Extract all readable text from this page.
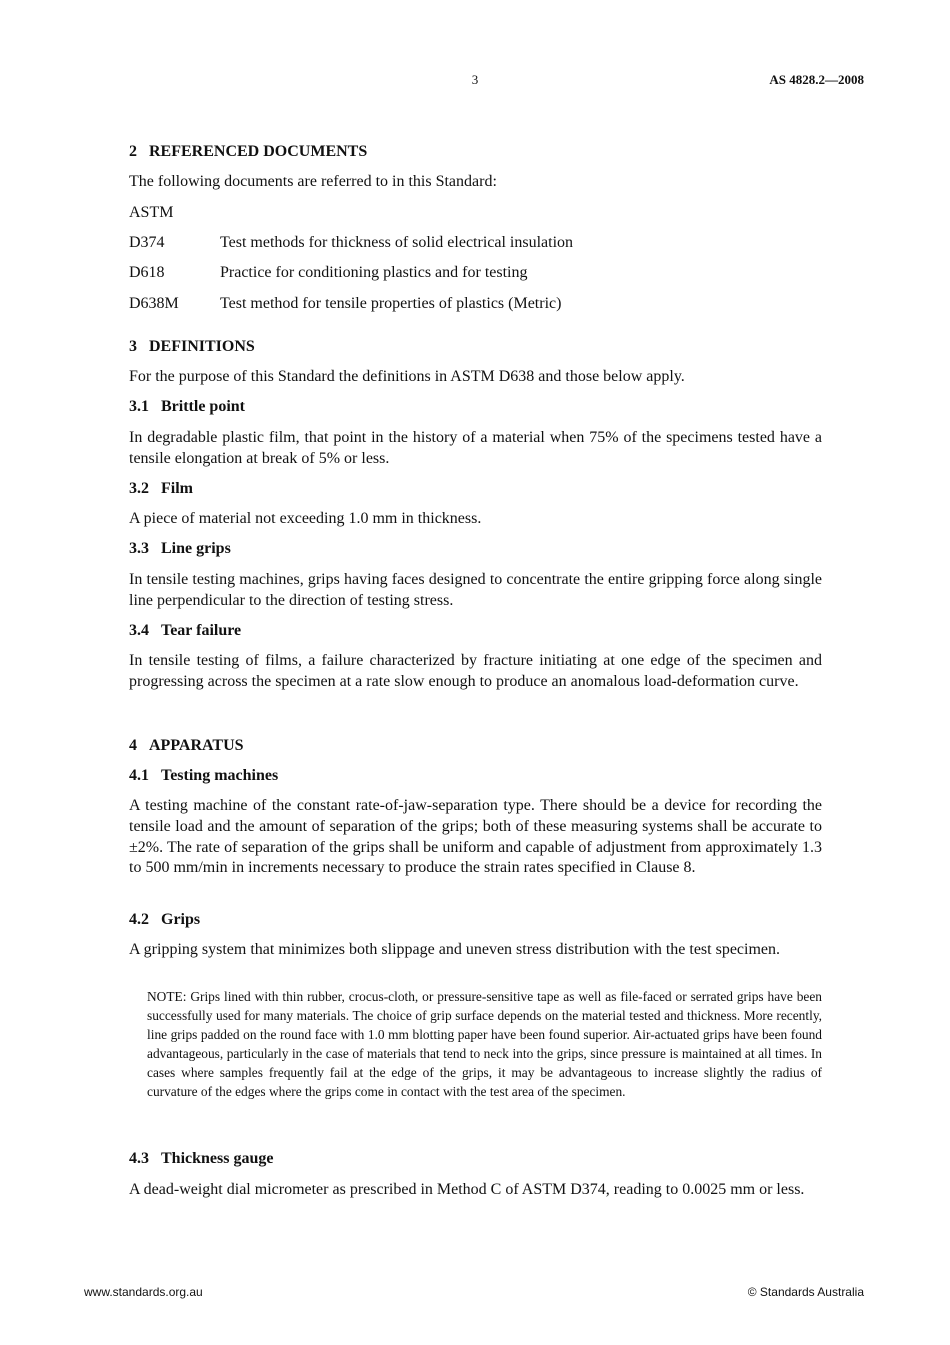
3	AS 4828.2—2008
2 REFERENCED DOCUMENTS
The following documents are referred to in this Standard:
ASTM
D374	Test methods for thickness of solid electrical insulation
D618	Practice for conditioning plastics and for testing
D638M	Test method for tensile properties of plastics (Metric)
3 DEFINITIONS
For the purpose of this Standard the definitions in ASTM D638 and those below apply.
3.1 Brittle point
In degradable plastic film, that point in the history of a material when 75% of the specimens tested have a tensile elongation at break of 5% or less.
3.2 Film
A piece of material not exceeding 1.0 mm in thickness.
3.3 Line grips
In tensile testing machines, grips having faces designed to concentrate the entire gripping force along single line perpendicular to the direction of testing stress.
3.4 Tear failure
In tensile testing of films, a failure characterized by fracture initiating at one edge of the specimen and progressing across the specimen at a rate slow enough to produce an anomalous load-deformation curve.
4 APPARATUS
4.1 Testing machines
A testing machine of the constant rate-of-jaw-separation type. There should be a device for recording the tensile load and the amount of separation of the grips; both of these measuring systems shall be accurate to ±2%. The rate of separation of the grips shall be uniform and capable of adjustment from approximately 1.3 to 500 mm/min in increments necessary to produce the strain rates specified in Clause 8.
4.2 Grips
A gripping system that minimizes both slippage and uneven stress distribution with the test specimen.
NOTE: Grips lined with thin rubber, crocus-cloth, or pressure-sensitive tape as well as file-faced or serrated grips have been successfully used for many materials. The choice of grip surface depends on the material tested and thickness. More recently, line grips padded on the round face with 1.0 mm blotting paper have been found superior. Air-actuated grips have been found advantageous, particularly in the case of materials that tend to neck into the grips, since pressure is maintained at all times. In cases where samples frequently fail at the edge of the grips, it may be advantageous to increase slightly the radius of curvature of the edges where the grips come in contact with the test area of the specimen.
4.3 Thickness gauge
A dead-weight dial micrometer as prescribed in Method C of ASTM D374, reading to 0.0025 mm or less.
www.standards.org.au	© Standards Australia
